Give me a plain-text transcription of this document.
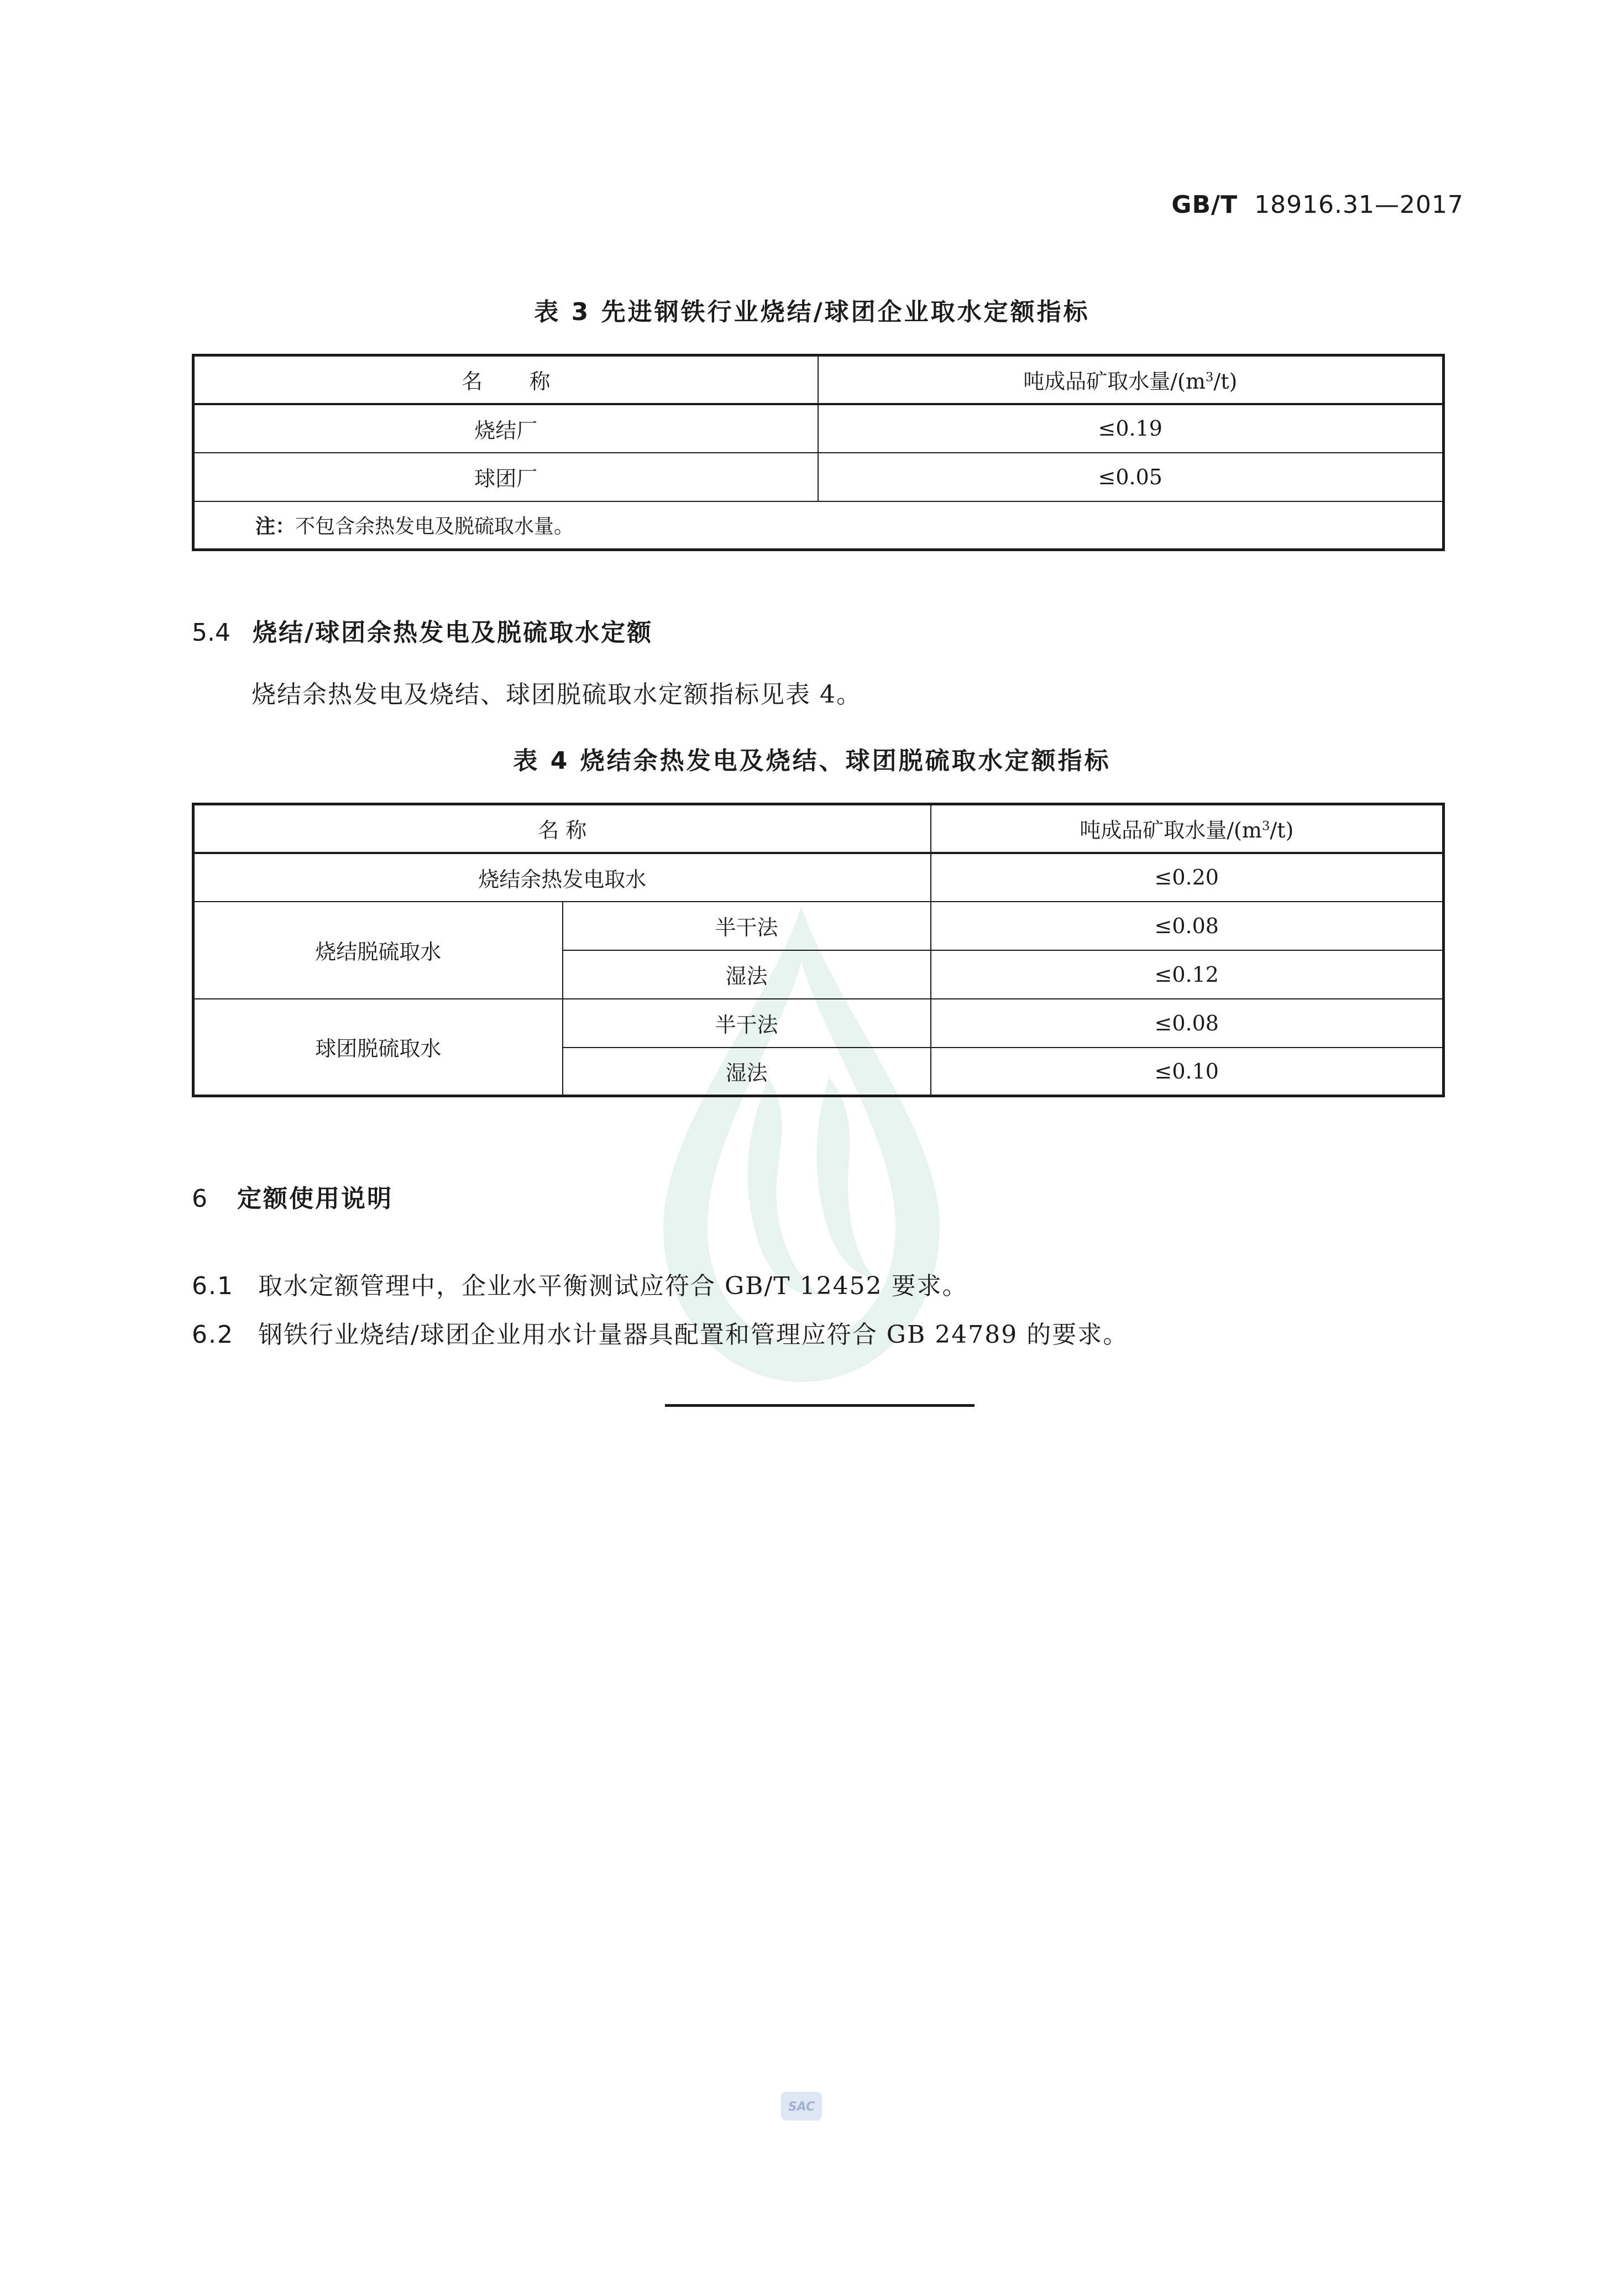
GB/T 18916.31—2017
表 3 先进钢铁行业烧结/球团企业取水定额指标
名       称	吨成品矿取水量$/(m^3/t)$
烧结厂	≤0.19
球团厂	≤0.05
注：不包含余热发电及脱硫取水量。	
5.4 烧结/球团余热发电及脱硫取水定额
烧结余热发电及烧结、球团脱硫取水定额指标见表 4。
表 4 烧结余热发电及烧结、球团脱硫取水定额指标
名 称		吨成品矿取水量$/(m^3/t)$
烧结余热发电取水		≤0.20
烧结脱硫取水	半干法	≤0.08
	湿法	≤0.12
球团脱硫取水	半干法	≤0.08
	湿法	≤0.10
6 定额使用说明
6.1 取水定额管理中，企业水平衡测试应符合 GB/T 12452 要求。
6.2 钢铁行业烧结/球团企业用水计量器具配置和管理应符合 GB 24789 的要求。
SAC
